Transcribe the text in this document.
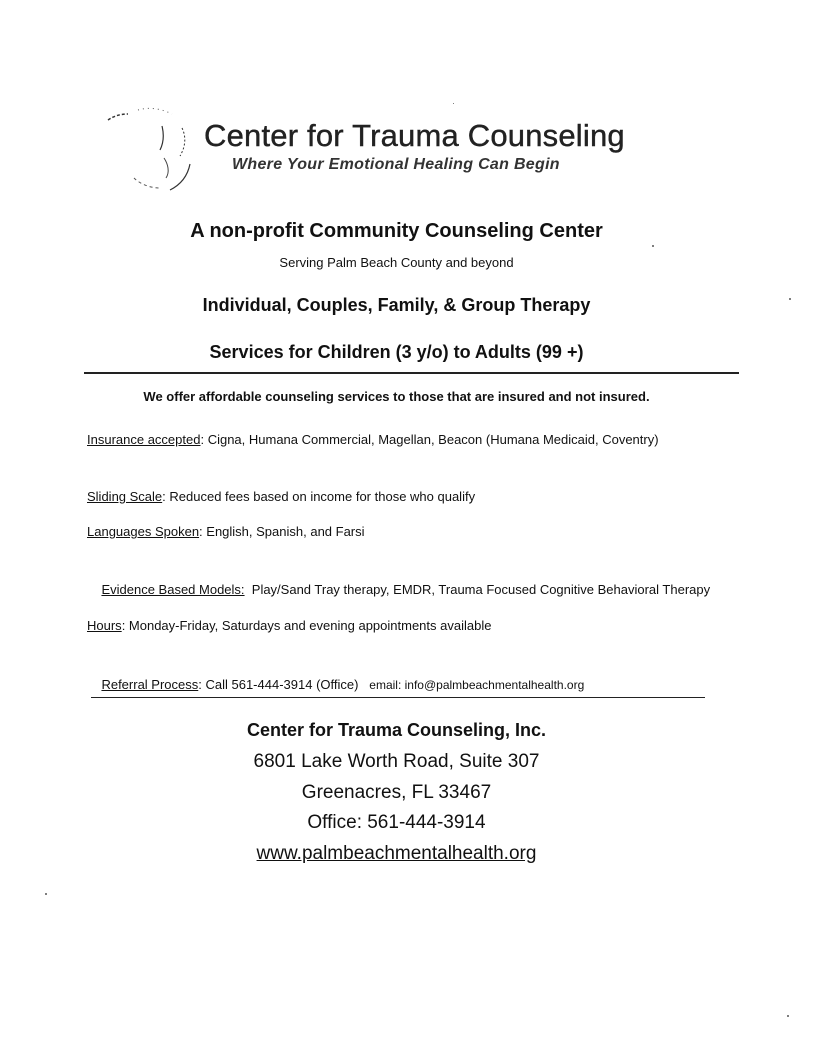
Center for Trauma Counseling
Where Your Emotional Healing Can Begin
A non-profit Community Counseling Center
Serving Palm Beach County and beyond
Individual, Couples, Family, & Group Therapy
Services for Children (3 y/o) to Adults (99 +)
We offer affordable counseling services to those that are insured and not insured.
Insurance accepted: Cigna, Humana Commercial, Magellan, Beacon (Humana Medicaid, Coventry)
Sliding Scale: Reduced fees based on income for those who qualify
Languages Spoken: English, Spanish, and Farsi

Evidence Based Models:  Play/Sand Tray therapy, EMDR, Trauma Focused Cognitive Behavioral Therapy

Hours: Monday-Friday, Saturdays and evening appointments available

Referral Process: Call 561-444-3914 (Office)   email: info@palmbeachmentalhealth.org

Center for Trauma Counseling, Inc.
6801 Lake Worth Road, Suite 307
Greenacres, FL 33467
Office: 561-444-3914
www.palmbeachmentalhealth.org
